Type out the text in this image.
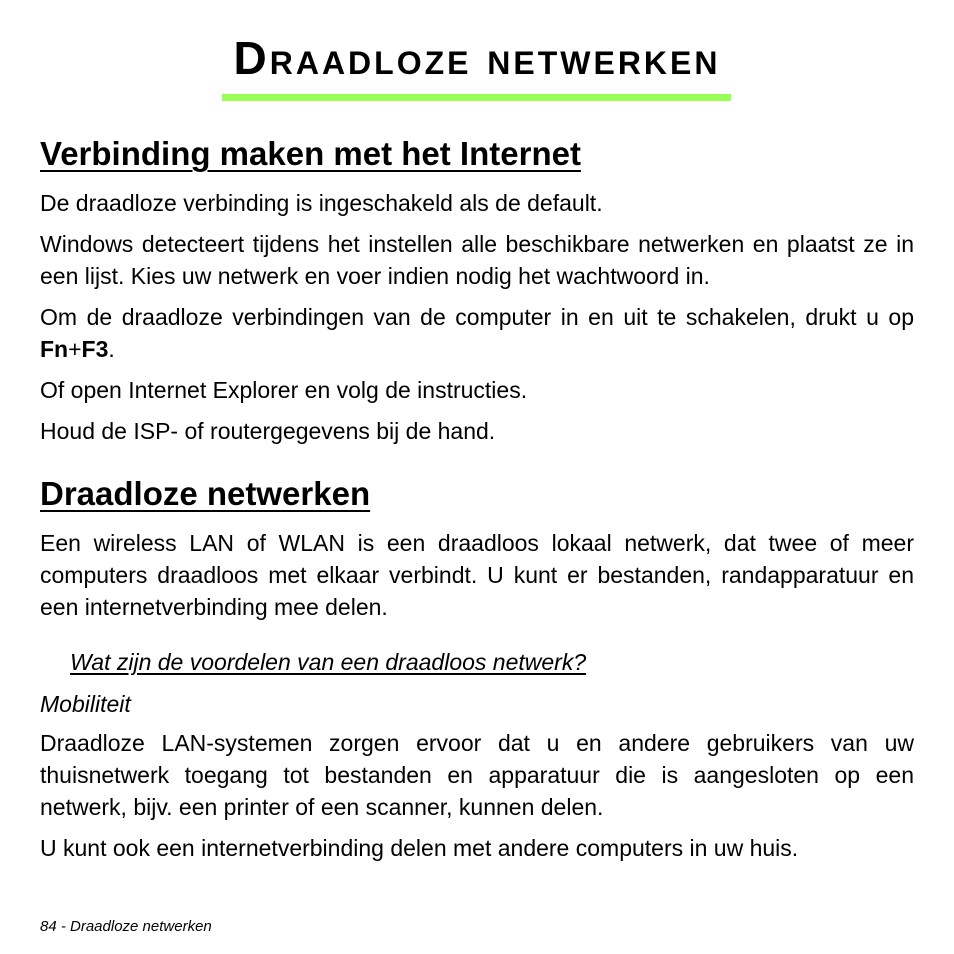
Draadloze netwerken
Verbinding maken met het Internet

De draadloze verbinding is ingeschakeld als de default.

Windows detecteert tijdens het instellen alle beschikbare netwerken en plaatst ze in een lijst. Kies uw netwerk en voer indien nodig het wachtwoord in.

Om de draadloze verbindingen van de computer in en uit te schakelen, drukt u op Fn+F3.

Of open Internet Explorer en volg de instructies.

Houd de ISP- of routergegevens bij de hand.

Draadloze netwerken

Een wireless LAN of WLAN is een draadloos lokaal netwerk, dat twee of meer computers draadloos met elkaar verbindt. U kunt er bestanden, randapparatuur en een internetverbinding mee delen.

Wat zijn de voordelen van een draadloos netwerk?

Mobiliteit

Draadloze LAN-systemen zorgen ervoor dat u en andere gebruikers van uw thuisnetwerk toegang tot bestanden en apparatuur die is aangesloten op een netwerk, bijv. een printer of een scanner, kunnen delen.

U kunt ook een internetverbinding delen met andere computers in uw huis.

84 - Draadloze netwerken
